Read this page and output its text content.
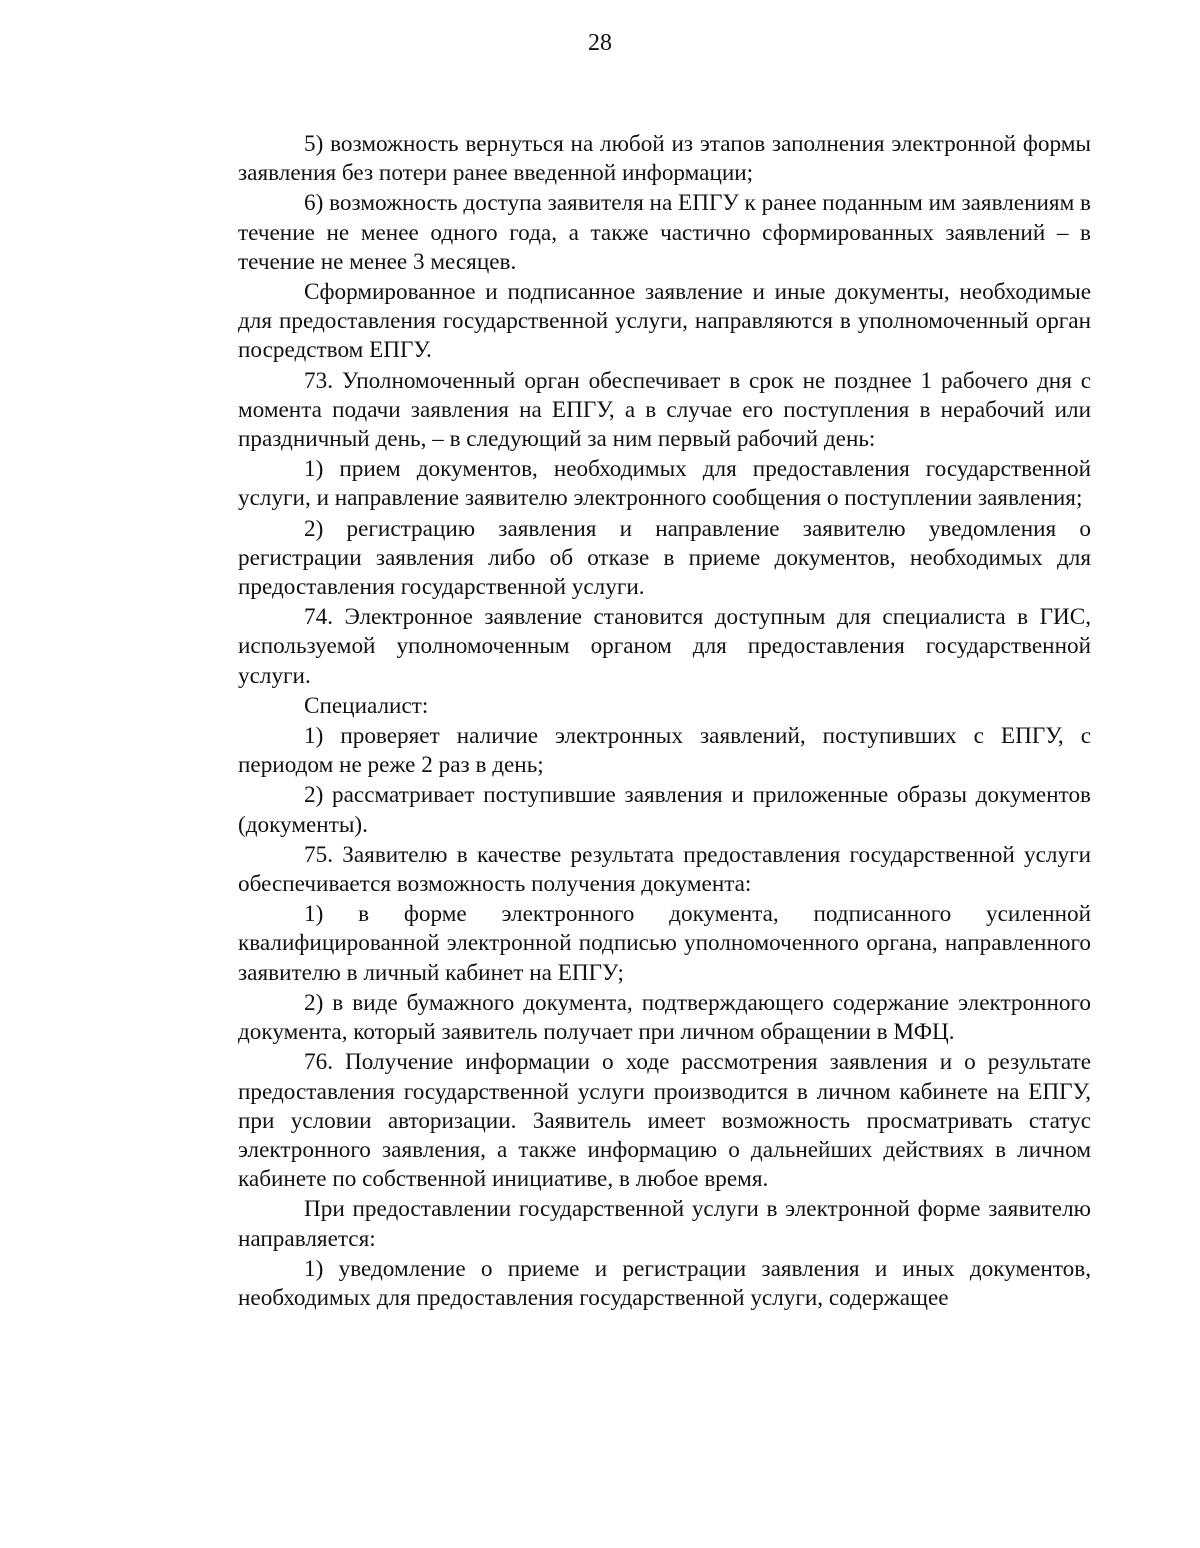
28

5) возможность вернуться на любой из этапов заполнения электронной формы заявления без потери ранее введенной информации;

6) возможность доступа заявителя на ЕПГУ к ранее поданным им заявлениям в течение не менее одного года, а также частично сформированных заявлений – в течение не менее 3 месяцев.

Сформированное и подписанное заявление и иные документы, необходимые для предоставления государственной услуги, направляются в уполномоченный орган посредством ЕПГУ.

73. Уполномоченный орган обеспечивает в срок не позднее 1 рабочего дня с момента подачи заявления на ЕПГУ, а в случае его поступления в нерабочий или праздничный день, – в следующий за ним первый рабочий день:

1) прием документов, необходимых для предоставления государственной услуги, и направление заявителю электронного сообщения о поступлении заявления;

2) регистрацию заявления и направление заявителю уведомления о регистрации заявления либо об отказе в приеме документов, необходимых для предоставления государственной услуги.

74. Электронное заявление становится доступным для специалиста в ГИС, используемой уполномоченным органом для предоставления государственной услуги.

Специалист:

1) проверяет наличие электронных заявлений, поступивших с ЕПГУ, с периодом не реже 2 раз в день;

2) рассматривает поступившие заявления и приложенные образы документов (документы).

75. Заявителю в качестве результата предоставления государственной услуги обеспечивается возможность получения документа:

1) в форме электронного документа, подписанного усиленной квалифицированной электронной подписью уполномоченного органа, направленного заявителю в личный кабинет на ЕПГУ;

2) в виде бумажного документа, подтверждающего содержание электронного документа, который заявитель получает при личном обращении в МФЦ.

76. Получение информации о ходе рассмотрения заявления и о результате предоставления государственной услуги производится в личном кабинете на ЕПГУ, при условии авторизации. Заявитель имеет возможность просматривать статус электронного заявления, а также информацию о дальнейших действиях в личном кабинете по собственной инициативе, в любое время.

При предоставлении государственной услуги в электронной форме заявителю направляется:

1) уведомление о приеме и регистрации заявления и иных документов, необходимых для предоставления государственной услуги, содержащее
